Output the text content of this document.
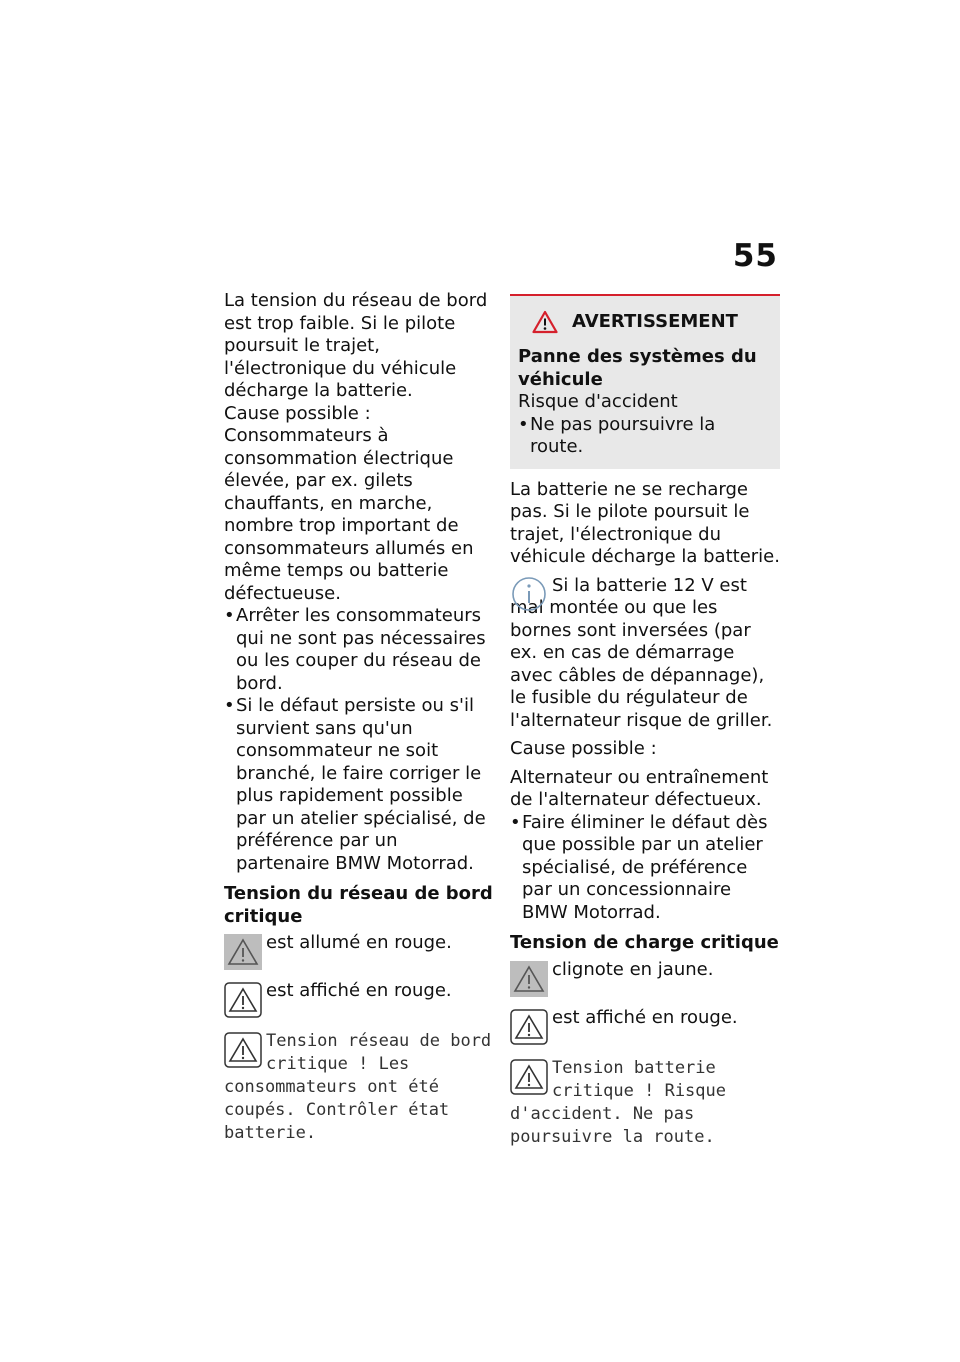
55

La tension du réseau de bord est trop faible. Si le pilote poursuit le trajet, l'électronique du véhicule décharge la batterie.

Cause possible :

Consommateurs à consommation électrique élevée, par ex. gilets chauffants, en marche, nombre trop important de consommateurs allumés en même temps ou batterie défectueuse.

• Arrêter les consommateurs qui ne sont pas nécessaires ou les couper du réseau de bord.
• Si le défaut persiste ou s'il survient sans qu'un consommateur ne soit branché, le faire corriger le plus rapidement possible par un atelier spécialisé, de préférence par un partenaire BMW Motorrad.

Tension du réseau de bord critique

est allumé en rouge.

est affiché en rouge.

Tension réseau de bord critique ! Les

consommateurs ont été coupés. Contrôler état batterie.

AVERTISSEMENT

Panne des systèmes du véhicule

Risque d'accident

• Ne pas poursuivre la route.

La batterie ne se recharge pas. Si le pilote poursuit le trajet, l'électronique du véhicule décharge la batterie.

Si la batterie 12 V est mal montée ou que les bornes sont inversées (par ex. en cas de démarrage avec câbles de dépannage), le fusible du régulateur de l'alternateur risque de griller.

Cause possible :

Alternateur ou entraînement de l'alternateur défectueux.

• Faire éliminer le défaut dès que possible par un atelier spécialisé, de préférence par un concessionnaire BMW Motorrad.

Tension de charge critique

clignote en jaune.

est affiché en rouge.

Tension batterie critique ! Risque

d'accident. Ne pas poursuivre la route.
